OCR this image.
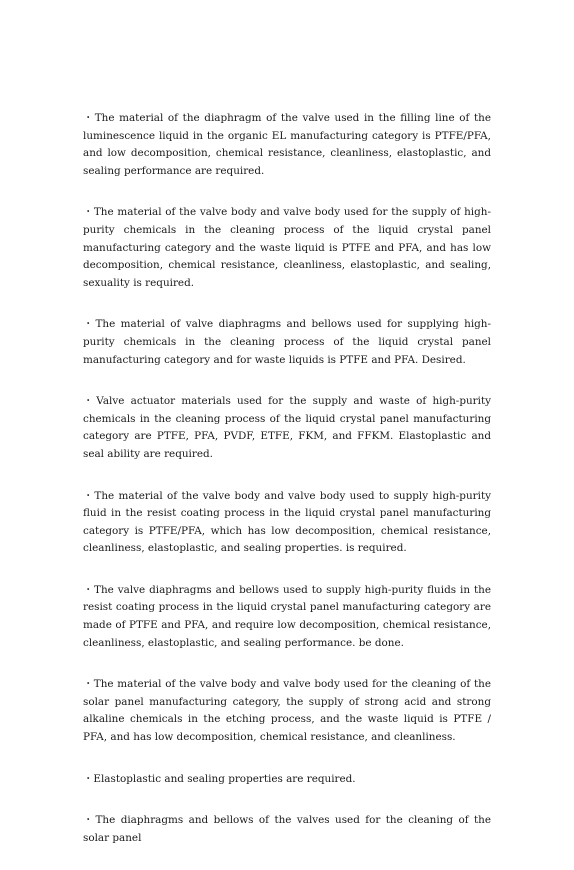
・The material of the diaphragm of the valve used in the filling line of the luminescence liquid in the organic EL manufacturing category is PTFE/PFA, and low decomposition, chemical resistance, cleanliness, elastoplastic, and sealing performance are required.

・The material of the valve body and valve body used for the supply of high-purity chemicals in the cleaning process of the liquid crystal panel manufacturing category and the waste liquid is PTFE and PFA, and has low decomposition, chemical resistance, cleanliness, elastoplastic, and sealing, sexuality is required.

・The material of valve diaphragms and bellows used for supplying high-purity chemicals in the cleaning process of the liquid crystal panel manufacturing category and for waste liquids is PTFE and PFA. Desired.

・Valve actuator materials used for the supply and waste of high-purity chemicals in the cleaning process of the liquid crystal panel manufacturing category are PTFE, PFA, PVDF, ETFE, FKM, and FFKM. Elastoplastic and seal ability are required.

・The material of the valve body and valve body used to supply high-purity fluid in the resist coating process in the liquid crystal panel manufacturing category is PTFE/PFA, which has low decomposition, chemical resistance, cleanliness, elastoplastic, and sealing properties. is required.

・The valve diaphragms and bellows used to supply high-purity fluids in the resist coating process in the liquid crystal panel manufacturing category are made of PTFE and PFA, and require low decomposition, chemical resistance, cleanliness, elastoplastic, and sealing performance. be done.

・The material of the valve body and valve body used for the cleaning of the solar panel manufacturing category, the supply of strong acid and strong alkaline chemicals in the etching process, and the waste liquid is PTFE / PFA, and has low decomposition, chemical resistance, and cleanliness.

・Elastoplastic and sealing properties are required.

・The diaphragms and bellows of the valves used for the cleaning of the solar panel
